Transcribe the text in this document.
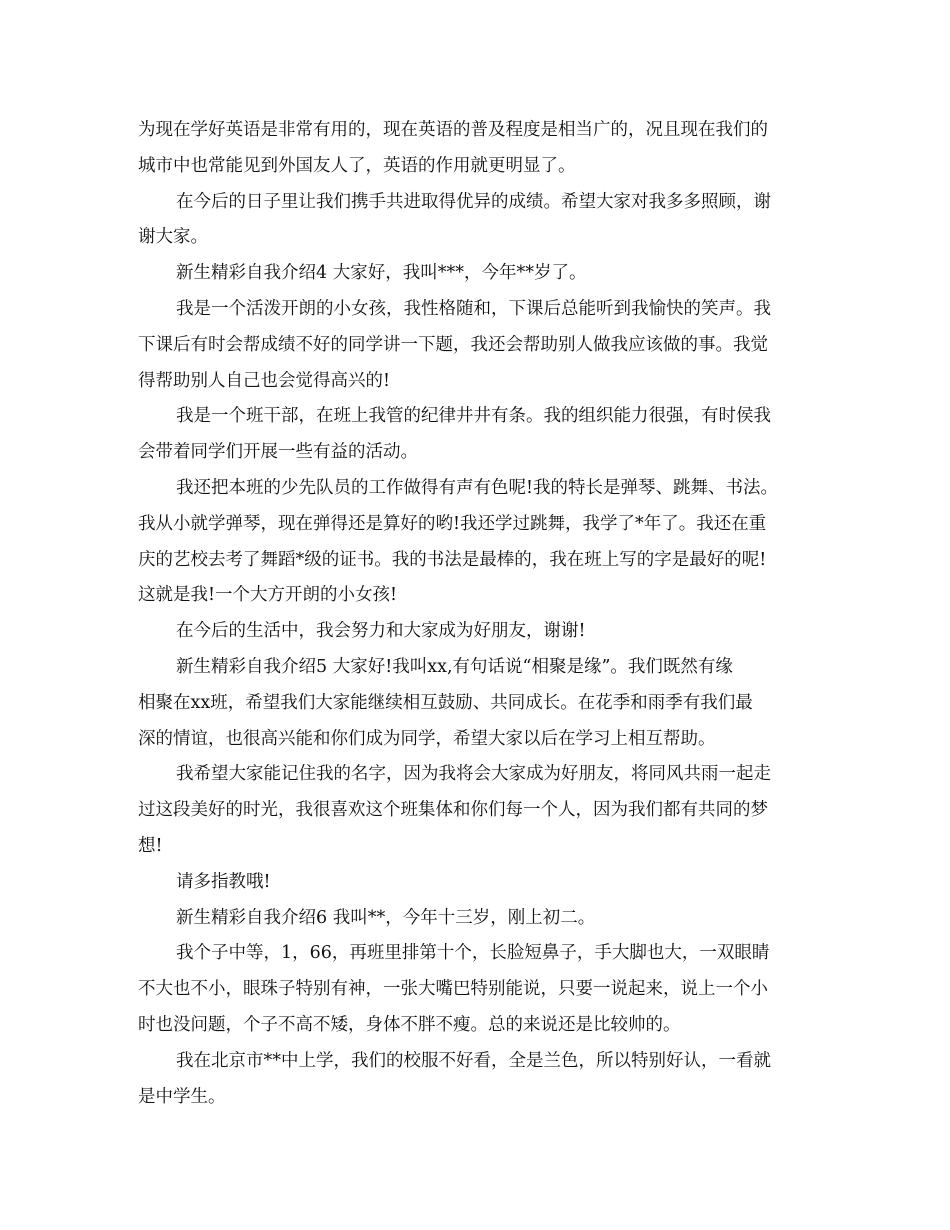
为现在学好英语是非常有用的，现在英语的普及程度是相当广的，况且现在我们的
城市中也常能见到外国友人了，英语的作用就更明显了。
在今后的日子里让我们携手共进取得优异的成绩。希望大家对我多多照顾，谢
谢大家。
新生精彩自我介绍4 大家好，我叫***，今年**岁了。
我是一个活泼开朗的小女孩，我性格随和，下课后总能听到我愉快的笑声。我
下课后有时会帮成绩不好的同学讲一下题，我还会帮助别人做我应该做的事。我觉
得帮助别人自己也会觉得高兴的!
我是一个班干部，在班上我管的纪律井井有条。我的组织能力很强，有时侯我
会带着同学们开展一些有益的活动。
我还把本班的少先队员的工作做得有声有色呢!我的特长是弹琴、跳舞、书法。
我从小就学弹琴，现在弹得还是算好的哟!我还学过跳舞，我学了*年了。我还在重
庆的艺校去考了舞蹈*级的证书。我的书法是最棒的，我在班上写的字是最好的呢!
这就是我!一个大方开朗的小女孩!
在今后的生活中，我会努力和大家成为好朋友，谢谢!
新生精彩自我介绍5 大家好!我叫xx,有句话说“相聚是缘”。我们既然有缘
相聚在xx班，希望我们大家能继续相互鼓励、共同成长。在花季和雨季有我们最
深的情谊，也很高兴能和你们成为同学，希望大家以后在学习上相互帮助。
我希望大家能记住我的名字，因为我将会大家成为好朋友，将同风共雨一起走
过这段美好的时光，我很喜欢这个班集体和你们每一个人，因为我们都有共同的梦
想!
请多指教哦!
新生精彩自我介绍6 我叫**，今年十三岁，刚上初二。
我个子中等，1，66，再班里排第十个，长脸短鼻子，手大脚也大，一双眼睛
不大也不小，眼珠子特别有神，一张大嘴巴特别能说，只要一说起来，说上一个小
时也没问题，个子不高不矮，身体不胖不瘦。总的来说还是比较帅的。
我在北京市**中上学，我们的校服不好看，全是兰色，所以特别好认，一看就
是中学生。
